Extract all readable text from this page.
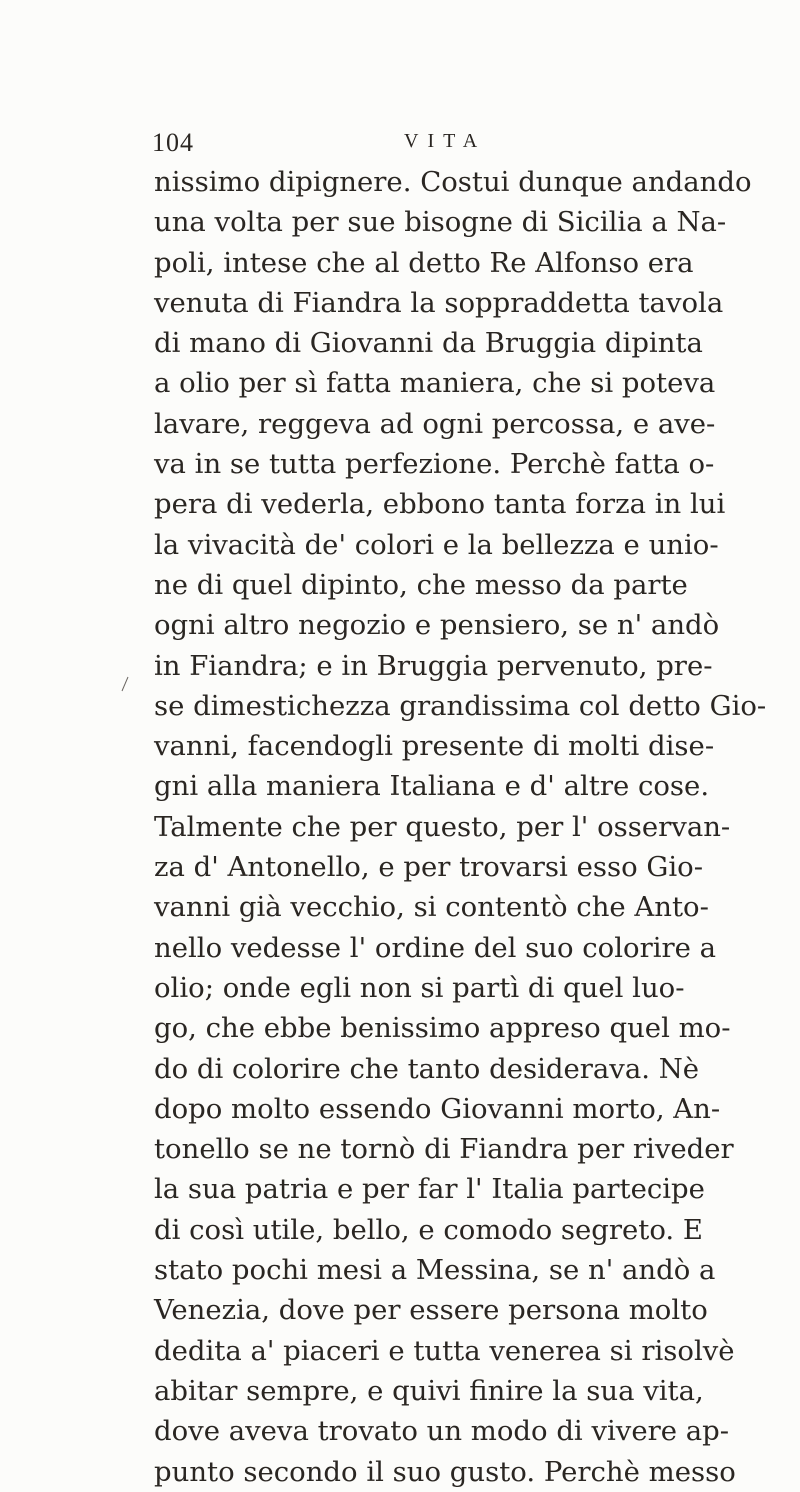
104	VITA
nissimo dipignere. Costui dunque andando
una volta per sue bisogne di Sicilia a Na-
poli, intese che al detto Re Alfonso era
venuta di Fiandra la soppraddetta tavola
di mano di Giovanni da Bruggia dipinta
a olio per sì fatta maniera, che si poteva
lavare, reggeva ad ogni percossa, e ave-
va in se tutta perfezione. Perchè fatta o-
pera di vederla, ebbono tanta forza in lui
la vivacità de' colori e la bellezza e unio-
ne di quel dipinto, che messo da parte
ogni altro negozio e pensiero, se n' andò
in Fiandra; e in Bruggia pervenuto, pre-
se dimestichezza grandissima col detto Gio-
vanni, facendogli presente di molti dise-
gni alla maniera Italiana e d' altre cose.
Talmente che per questo, per l' osservan-
za d' Antonello, e per trovarsi esso Gio-
vanni già vecchio, si contentò che Anto-
nello vedesse l' ordine del suo colorire a
olio; onde egli non si partì di quel luo-
go, che ebbe benissimo appreso quel mo-
do di colorire che tanto desiderava. Nè
dopo molto essendo Giovanni morto, An-
tonello se ne tornò di Fiandra per riveder
la sua patria e per far l' Italia partecipe
di così utile, bello, e comodo segreto. E
stato pochi mesi a Messina, se n' andò a
Venezia, dove per essere persona molto
dedita a' piaceri e tutta venerea si risolvè
abitar sempre, e quivi finire la sua vita,
dove aveva trovato un modo di vivere ap-
punto secondo il suo gusto. Perchè messo
